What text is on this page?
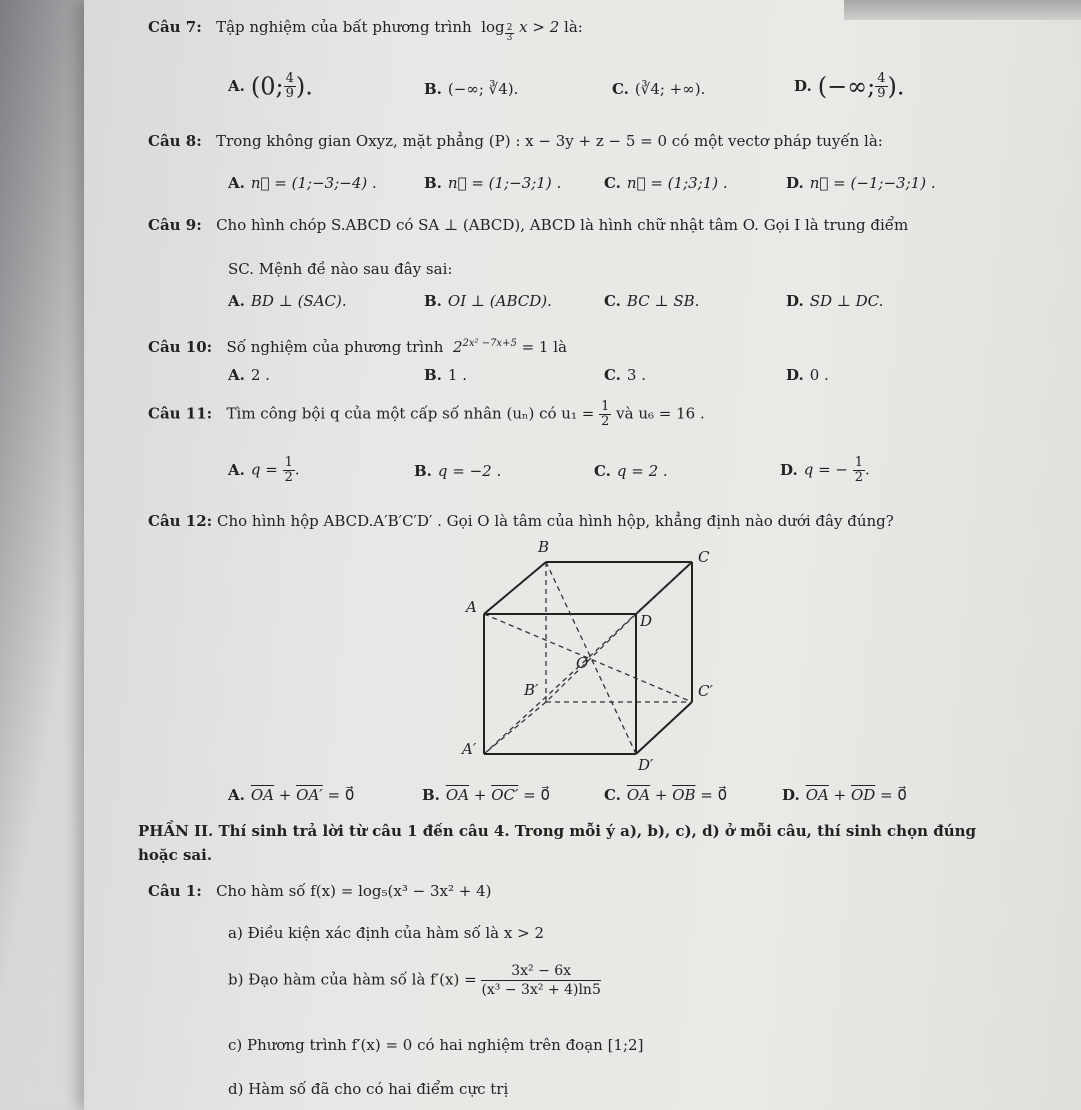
Câu 7: Tập nghiệm của bất phương trình $\log \frac{2}{3}$ x > 2 là:
A. (0; $\frac{4}{9}$ ).	B. (−∞; ∛4).	C. (∛4; +∞).	D. (−∞; $\frac{4}{9}$ ).
Câu 8: Trong không gian Oxyz, mặt phẳng (P) : x − 3y + z − 5 = 0 có một vectơ pháp tuyến là:
A. n⃗ = (1;−3;−4) .	B. n⃗ = (1;−3;1) .	C. n⃗ = (1;3;1) .	D. n⃗ = (−1;−3;1) .
Câu 9: Cho hình chóp S.ABCD có SA ⊥ (ABCD), ABCD là hình chữ nhật tâm O. Gọi I là trung điểm
SC. Mệnh đề nào sau đây sai:
A. BD ⊥ (SAC).	B. OI ⊥ (ABCD).	C. BC ⊥ SB.	D. SD ⊥ DC.
Câu 10: Số nghiệm của phương trình $2^{2x^2 -7x+5} = 1$ là
A. 2 .	B. 1 .	C. 3 .	D. 0 .
Câu 11: Tìm công bội q của một cấp số nhân (uₙ) có $u_1 = \frac{1}{2}$ và u₆ = 16 .
A. $q = \frac{1}{2}$ .	B. q = −2 .	C. q = 2 .	D. q = − $\frac{1}{2}$ .
Câu 12: Cho hình hộp ABCD.A′B′C′D′ . Gọi O là tâm của hình hộp, khẳng định nào dưới đây đúng?
B
C
A
D
O
B′	C′
A′
D′
A. $\overline{OA} + OA'$ = 0⃗	B. $\overline{OA} + OC'$ = 0⃗	C. $\overline{OA} + \overline{OB}$ = 0⃗	D. $\overline{OA} + \overline{OD}$ = 0⃗
PHẦN II. Thí sinh trả lời từ câu 1 đến câu 4. Trong mỗi ý a), b), c), d) ở mỗi câu, thí sinh chọn đúng
hoặc sai.
Câu 1: Cho hàm số f(x) = log₅(x³ − 3x² + 4)
a) Điều kiện xác định của hàm số là x > 2
b) Đạo hàm của hàm số là $f'(x) = \frac{\text{3x² − 6x}}{\text{(x³ − 3x² + 4)ln5}}$
c) Phương trình f′(x) = 0 có hai nghiệm trên đoạn [1;2]
d) Hàm số đã cho có hai điểm cực trị
